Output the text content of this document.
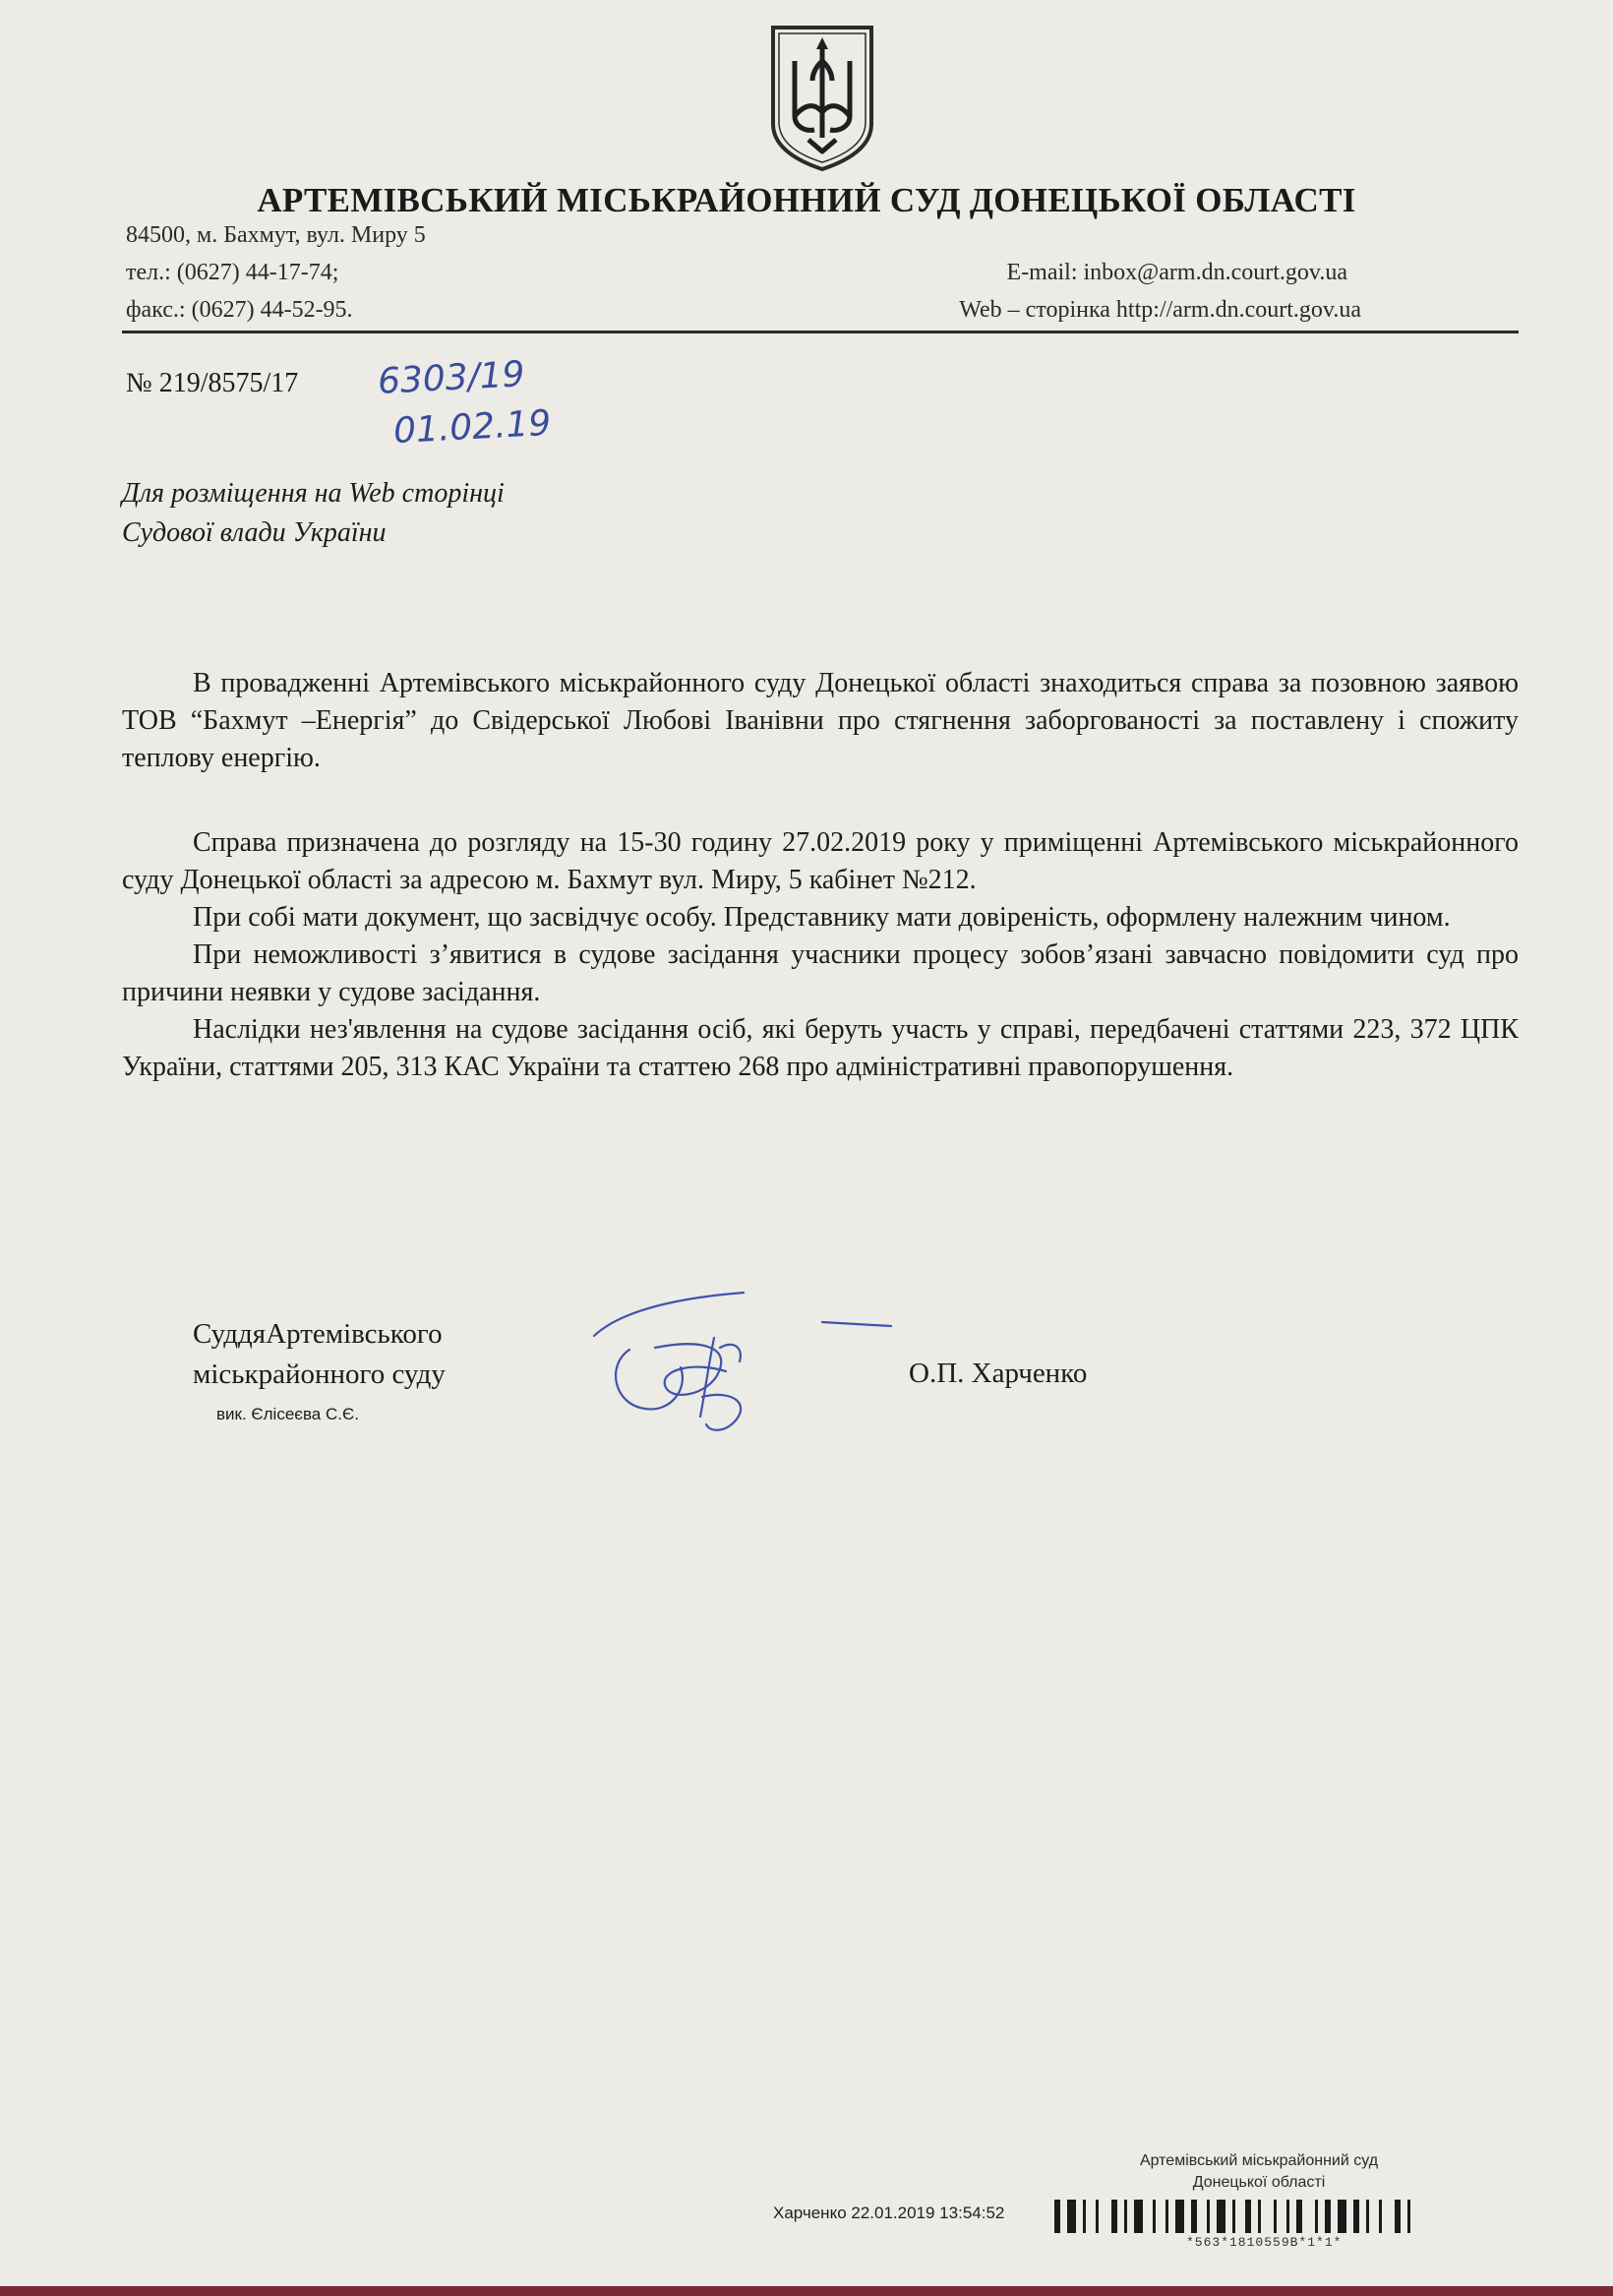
АРТЕМІВСЬКИЙ МІСЬКРАЙОННИЙ СУД ДОНЕЦЬКОЇ ОБЛАСТІ
84500, м. Бахмут, вул. Миру 5
тел.: (0627) 44-17-74;
факс.: (0627) 44-52-95.
E-mail: inbox@arm.dn.court.gov.ua
Web – сторінка http://arm.dn.court.gov.ua
№ 219/8575/17 6303/19
01.02.19
Для розміщення на Web сторінці
Судової влади України

В провадженні Артемівського міськрайонного суду Донецької області знаходиться справа за позовною заявою ТОВ “Бахмут –Енергія” до Свідерської Любові Іванівни про стягнення заборгованості за поставлену і спожиту теплову енергію.

Справа призначена до розгляду на 15-30 годину 27.02.2019 року у приміщенні Артемівського міськрайонного суду Донецької області за адресою м. Бахмут вул. Миру, 5 кабінет №212.

При собі мати документ, що засвідчує особу. Представнику мати довіреність, оформлену належним чином.

При неможливості з’явитися в судове засідання учасники процесу зобов’язані завчасно повідомити суд про причини неявки у судове засідання.

Наслідки нез'явлення на судове засідання осіб, які беруть участь у справі, передбачені статтями 223, 372 ЦПК України, статтями 205, 313 КАС України та статтею 268 про адміністративні правопорушення.

СуддяАртемівського
міськрайонного суду
вик. Єлісеєва С.Є.
О.П. Харченко
Артемівський міськрайонний суд
Донецької області
Харченко 22.01.2019 13:54:52
*563*1810559В*1*1*
